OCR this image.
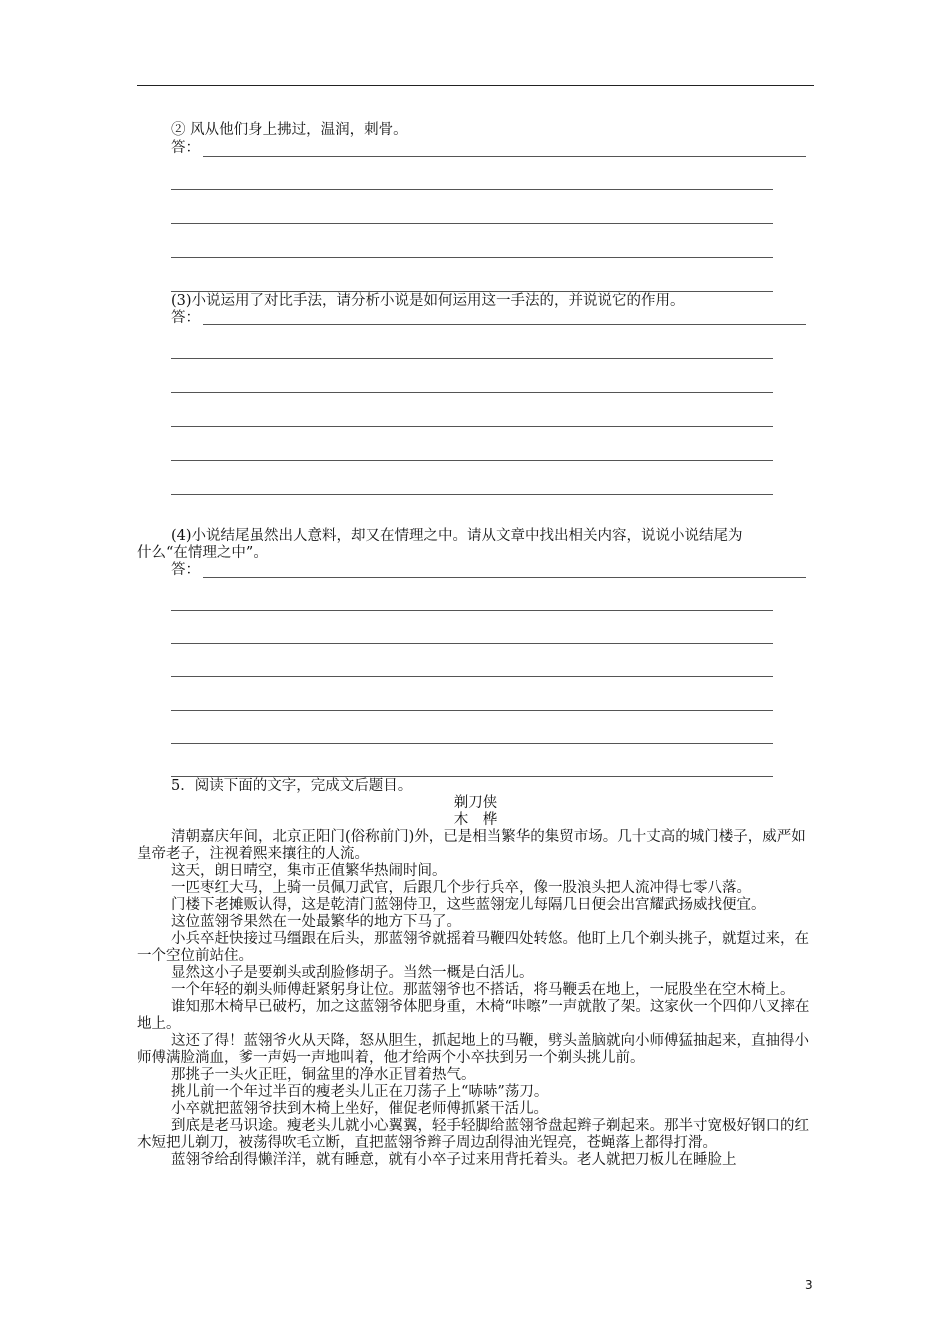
② 风从他们身上拂过，温润，刺骨。
答：
(3)小说运用了对比手法，请分析小说是如何运用这一手法的，并说说它的作用。
答：
(4)小说结尾虽然出人意料，却又在情理之中。请从文章中找出相关内容，说说小说结尾为
什么“在情理之中”。
答：
5．阅读下面的文字，完成文后题目。
剃刀侠
木　桦

清朝嘉庆年间，北京正阳门(俗称前门)外，已是相当繁华的集贸市场。几十丈高的城门楼子，威严如皇帝老子，注视着熙来攘往的人流。

这天，朗日晴空，集市正值繁华热闹时间。

一匹枣红大马，上骑一员佩刀武官，后跟几个步行兵卒，像一股浪头把人流冲得七零八落。

门楼下老摊贩认得，这是乾清门蓝翎侍卫，这些蓝翎宠儿每隔几日便会出宫耀武扬威找便宜。

这位蓝翎爷果然在一处最繁华的地方下马了。

小兵卒赶快接过马缰跟在后头，那蓝翎爷就摇着马鞭四处转悠。他盯上几个剃头挑子，就踅过来，在一个空位前站住。

显然这小子是要剃头或刮脸修胡子。当然一概是白活儿。

一个年轻的剃头师傅赶紧躬身让位。那蓝翎爷也不搭话，将马鞭丢在地上，一屁股坐在空木椅上。

谁知那木椅早已破朽，加之这蓝翎爷体肥身重，木椅“咔嚓”一声就散了架。这家伙一个四仰八叉摔在地上。

这还了得！蓝翎爷火从天降，怒从胆生，抓起地上的马鞭，劈头盖脑就向小师傅猛抽起来，直抽得小师傅满脸淌血，爹一声妈一声地叫着，他才给两个小卒扶到另一个剃头挑儿前。

那挑子一头火正旺，铜盆里的净水正冒着热气。

挑儿前一个年过半百的瘦老头儿正在刀荡子上“哧哧”荡刀。

小卒就把蓝翎爷扶到木椅上坐好，催促老师傅抓紧干活儿。

到底是老马识途。瘦老头儿就小心翼翼，轻手轻脚给蓝翎爷盘起辫子剃起来。那半寸宽极好钢口的红木短把儿剃刀，被荡得吹毛立断，直把蓝翎爷辫子周边刮得油光锃亮，苍蝇落上都得打滑。

蓝翎爷给刮得懒洋洋，就有睡意，就有小卒子过来用背托着头。老人就把刀板儿在睡脸上

3
